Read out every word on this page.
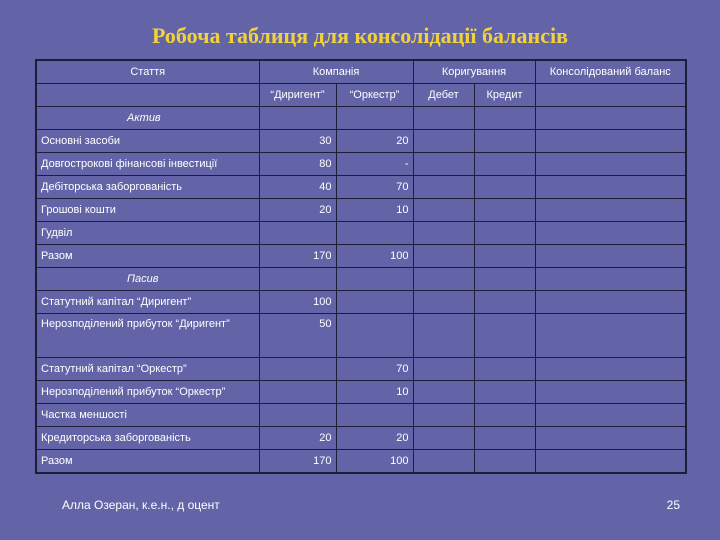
Робоча таблиця для консолідації балансів
Стаття	Компанія		Коригування		Консолідований баланс
	“Диригент”	“Оркестр”	Дебет	Кредит	

Актив					

Основні засоби	30	20			
Довгострокові фінансові інвестиції	80	-			
Дебіторська заборгованість	40	70			
Грошові кошти	20	10			
Гудвіл					
Разом	170	100			

Пасив					

Статутний капітал “Диригент”	100				
Нерозподілений прибуток “Диригент”	50				
Статутний капітал “Оркестр”		70			
Нерозподілений прибуток “Оркестр”		10			
Частка меншості					
Кредиторська заборгованість	20	20			
Разом	170	100			
Алла Озеран, к.е.н., д оцент	25
